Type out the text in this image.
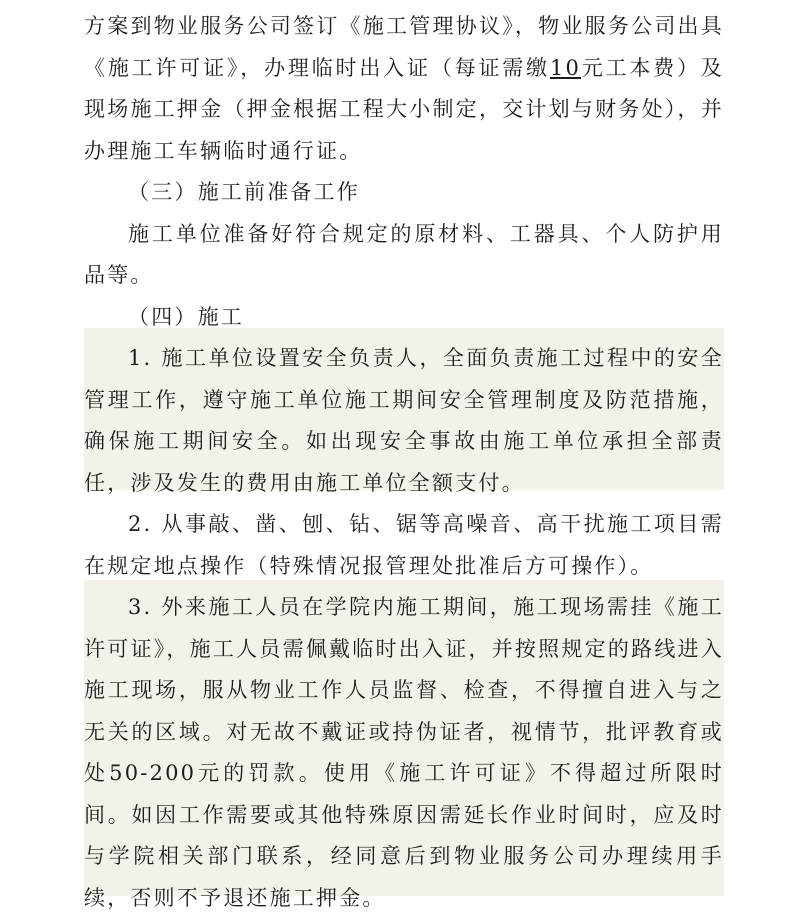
方案到物业服务公司签订《施工管理协议》，物业服务公司出具《施工许可证》，办理临时出入证（每证需缴10元工本费）及现场施工押金（押金根据工程大小制定，交计划与财务处），并办理施工车辆临时通行证。

（三）施工前准备工作

施工单位准备好符合规定的原材料、工器具、个人防护用品等。

（四）施工

1. 施工单位设置安全负责人，全面负责施工过程中的安全管理工作，遵守施工单位施工期间安全管理制度及防范措施，确保施工期间安全。如出现安全事故由施工单位承担全部责任，涉及发生的费用由施工单位全额支付。

2. 从事敲、凿、刨、钻、锯等高噪音、高干扰施工项目需在规定地点操作（特殊情况报管理处批准后方可操作）。

3. 外来施工人员在学院内施工期间，施工现场需挂《施工许可证》，施工人员需佩戴临时出入证，并按照规定的路线进入施工现场，服从物业工作人员监督、检查，不得擅自进入与之无关的区域。对无故不戴证或持伪证者，视情节，批评教育或处50-200元的罚款。使用《施工许可证》不得超过所限时间。如因工作需要或其他特殊原因需延长作业时间时，应及时与学院相关部门联系，经同意后到物业服务公司办理续用手续，否则不予退还施工押金。
